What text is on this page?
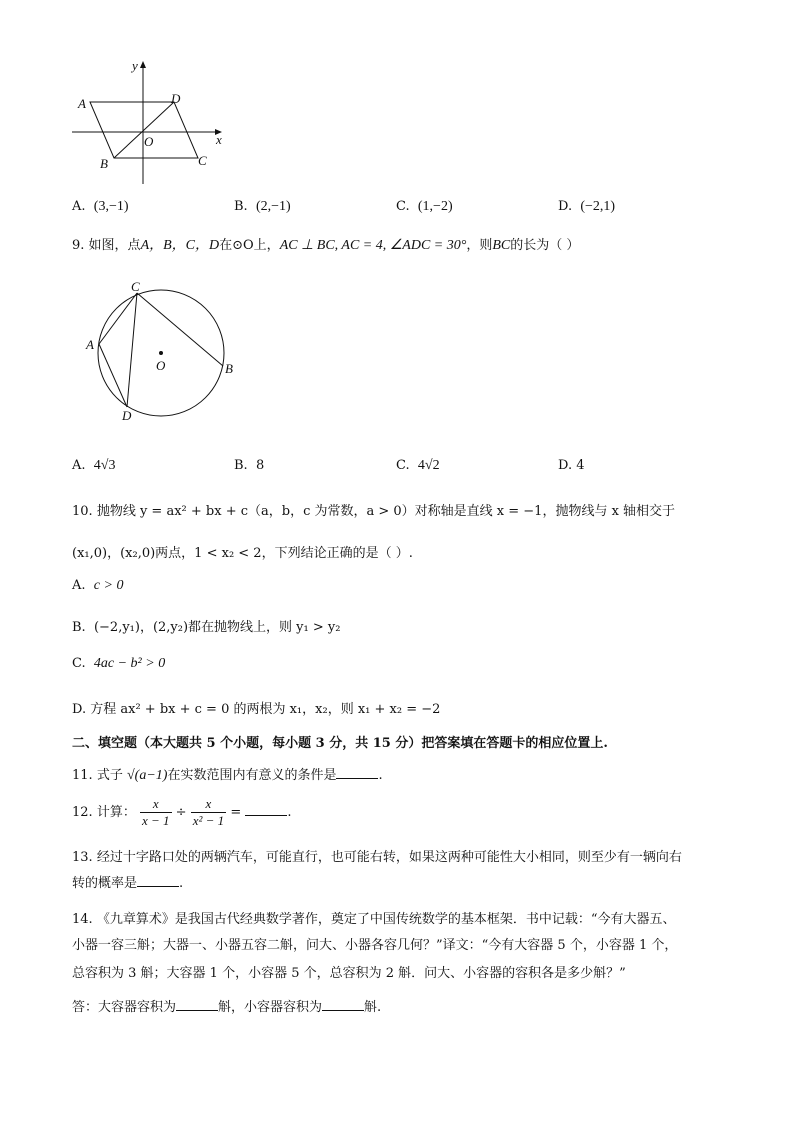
y
x
A	D
O
B	C
A. (3,−1)	B. (2,−1)	C. (1,−2)	D. (−2,1)
9. 如图，点A，B，C，D在⊙O上，AC ⊥ BC, AC = 4, ∠ADC = 30°，则BC的长为（ ）
C
A
O	B
D
A. 4√3	B. 8	C. 4√2	D. 4
10. 抛物线 y = ax² + bx + c（a，b，c 为常数，a > 0）对称轴是直线 x = −1，抛物线与 x 轴相交于
(x₁,0)，(x₂,0)两点，1 < x₂ < 2，下列结论正确的是（ ）.
A. c > 0
B. (−2,y₁)，(2,y₂)都在抛物线上，则 y₁ > y₂
C. 4ac − b² > 0
D. 方程 ax² + bx + c = 0 的两根为 x₁，x₂，则 x₁ + x₂ = −2
二、填空题（本大题共 5 个小题，每小题 3 分，共 15 分）把答案填在答题卡的相应位置上.
11. 式子 √(a−1)在实数范围内有意义的条件是	.
12. 计算： $\frac{x}{x - 1} \div \frac{x}{\text{x² − 1}}$ =	.
13. 经过十字路口处的两辆汽车，可能直行，也可能右转，如果这两种可能性大小相同，则至少有一辆向右
转的概率是	.
14. 《九章算术》是我国古代经典数学著作，奠定了中国传统数学的基本框架．书中记载：“今有大器五、
小器一容三斛；大器一、小器五容二斛，问大、小器各容几何？”译文：“今有大容器 5 个，小容器 1 个，
总容积为 3 斛；大容器 1 个，小容器 5 个，总容积为 2 斛．问大、小容器的容积各是多少斛？”
答：大容器容积为	斛，小容器容积为	斛.
